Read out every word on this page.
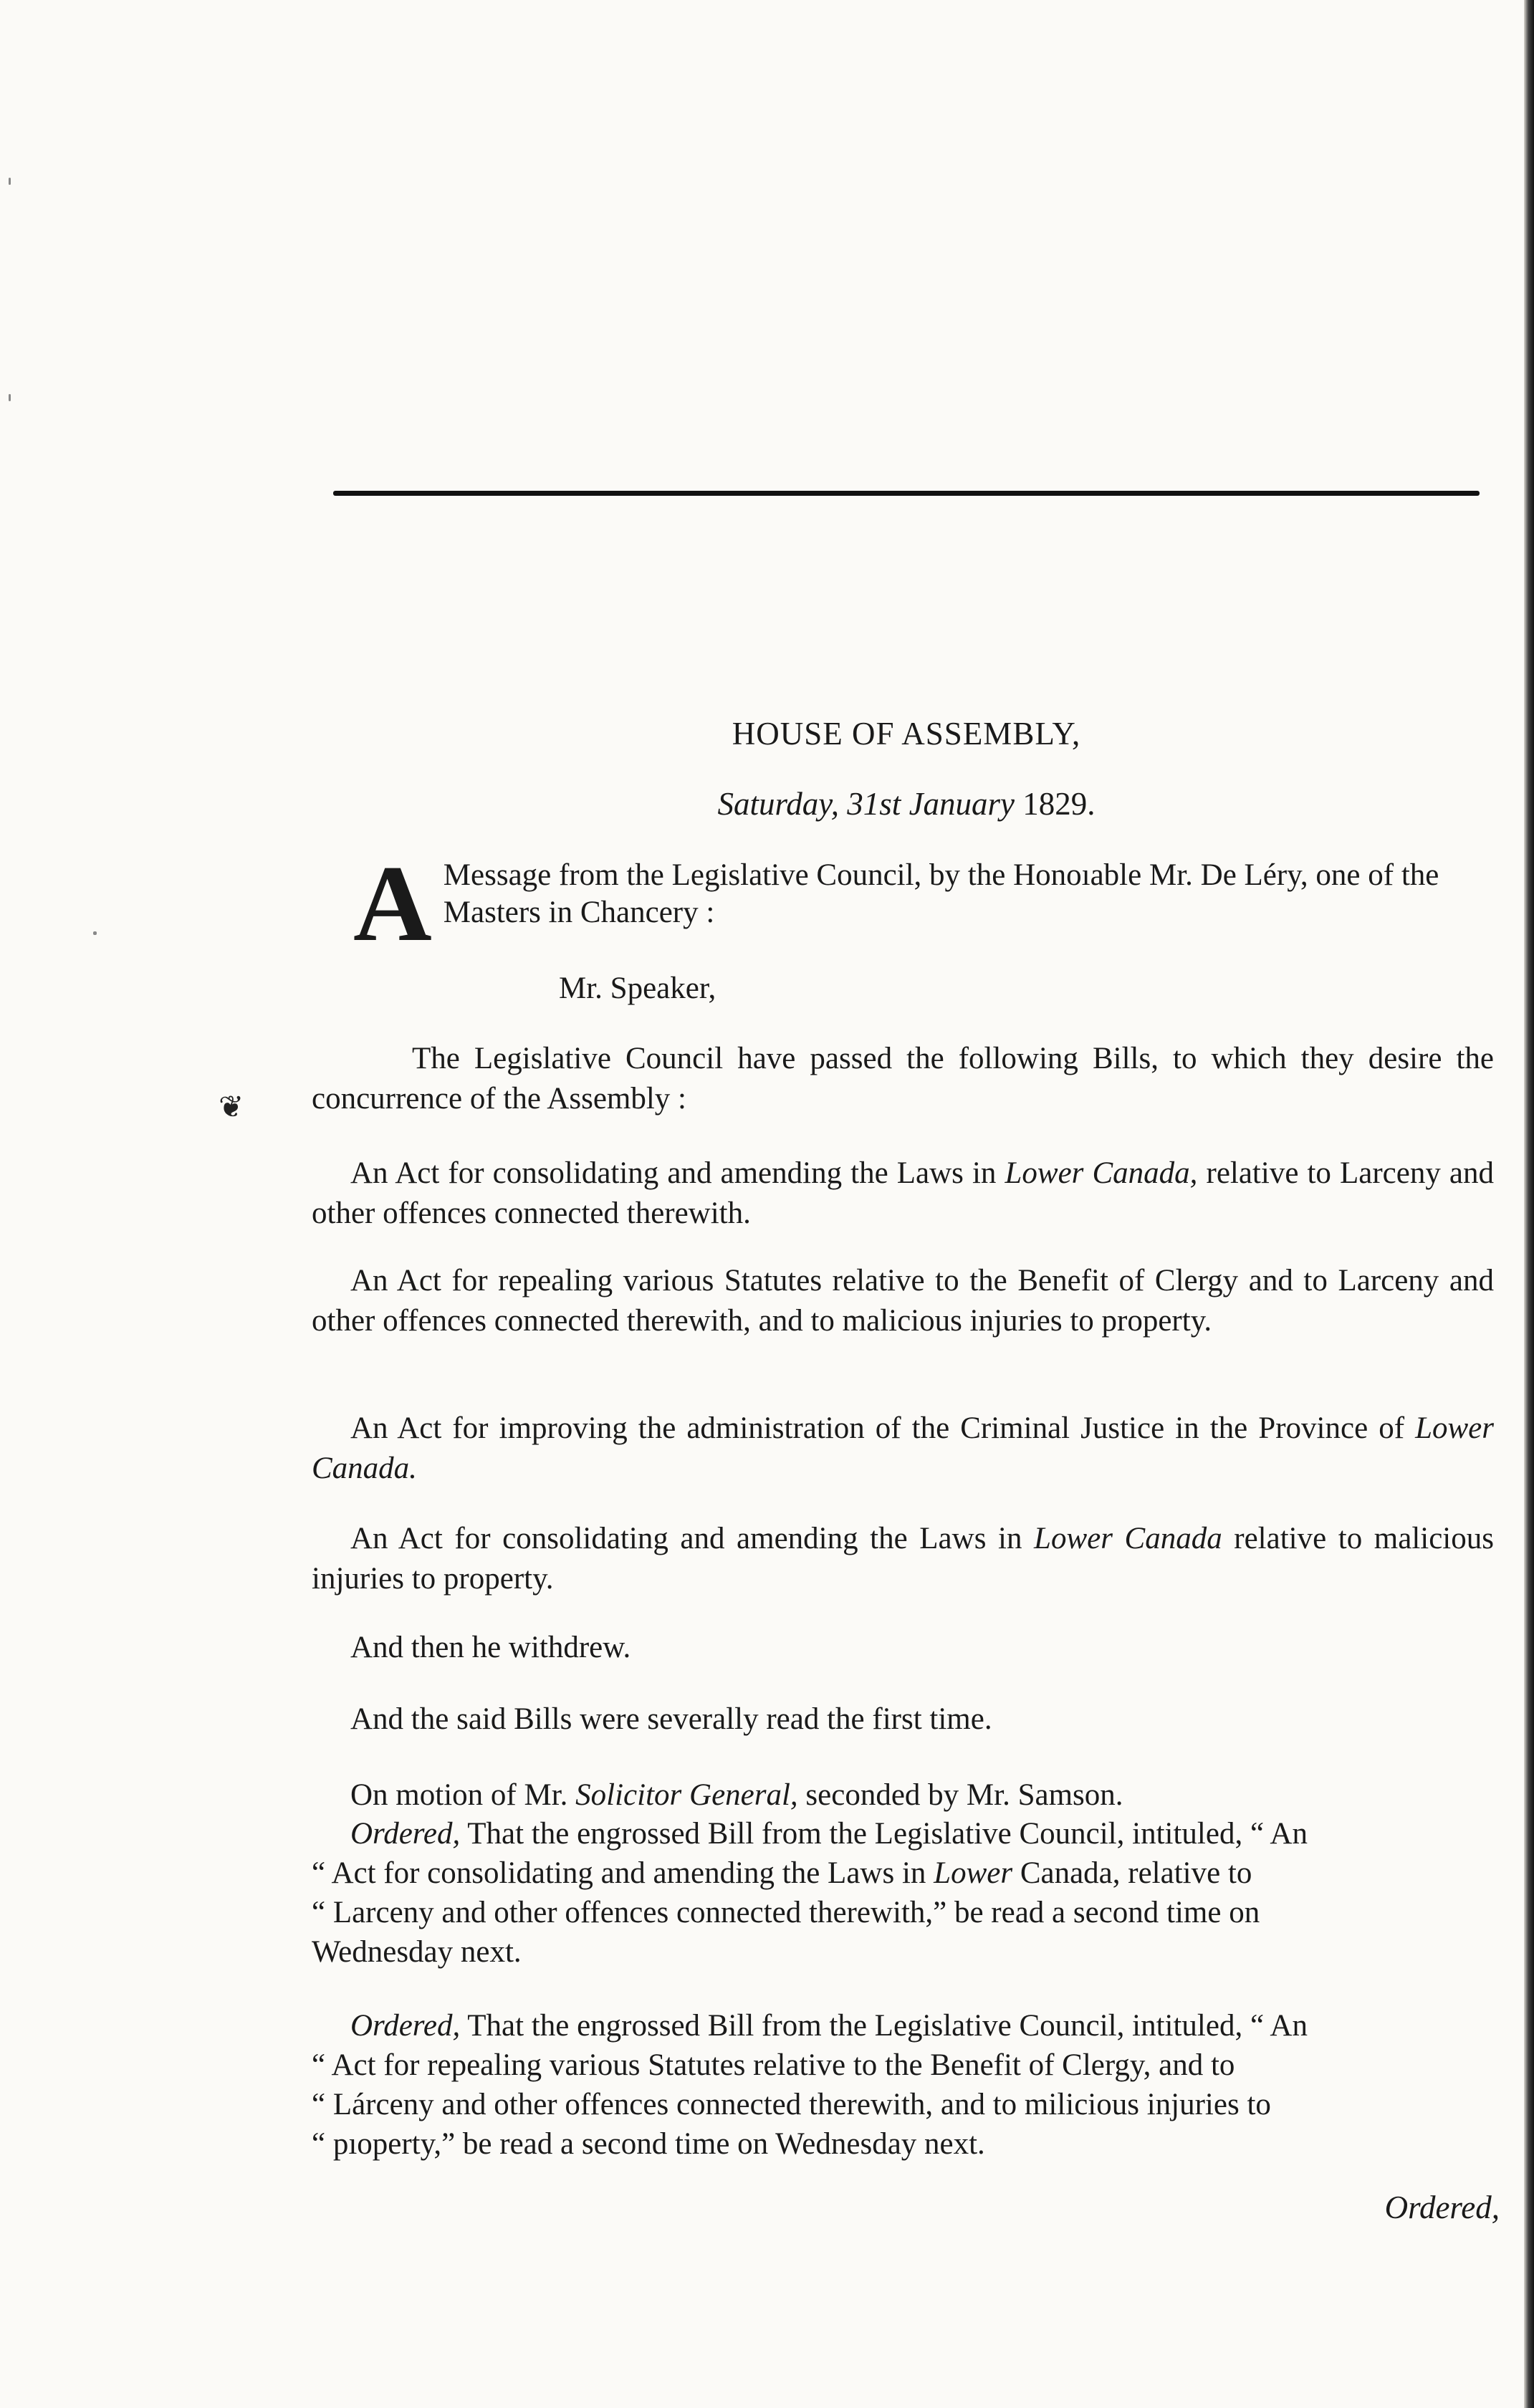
HOUSE OF ASSEMBLY,
Saturday, 31st January 1829.
A Message from the Legislative Council, by the Honoıable Mr. De Léry, one of the Masters in Chancery :
Mr. Speaker,
❦
The Legislative Council have passed the following Bills, to which they desire the concurrence of the Assembly :
An Act for consolidating and amending the Laws in Lower Canada, relative to Larceny and other offences connected therewith.
An Act for repealing various Statutes relative to the Benefit of Clergy and to Larceny and other offences connected therewith, and to malicious injuries to property.
An Act for improving the administration of the Criminal Justice in the Province of Lower Canada.
An Act for consolidating and amending the Laws in Lower Canada relative to malicious injuries to property.
And then he withdrew.
And the said Bills were severally read the first time.
On motion of Mr. Solicitor General, seconded by Mr. Samson.
Ordered, That the engrossed Bill from the Legislative Council, intituled, “ An
“ Act for consolidating and amending the Laws in Lower Canada, relative to
“ Larceny and other offences connected therewith,” be read a second time on
Wednesday next.
Ordered, That the engrossed Bill from the Legislative Council, intituled, “ An
“ Act for repealing various Statutes relative to the Benefit of Clergy, and to
“ Lárceny and other offences connected therewith, and to milicious injuries to
“ pıoperty,” be read a second time on Wednesday next.
Ordered,
